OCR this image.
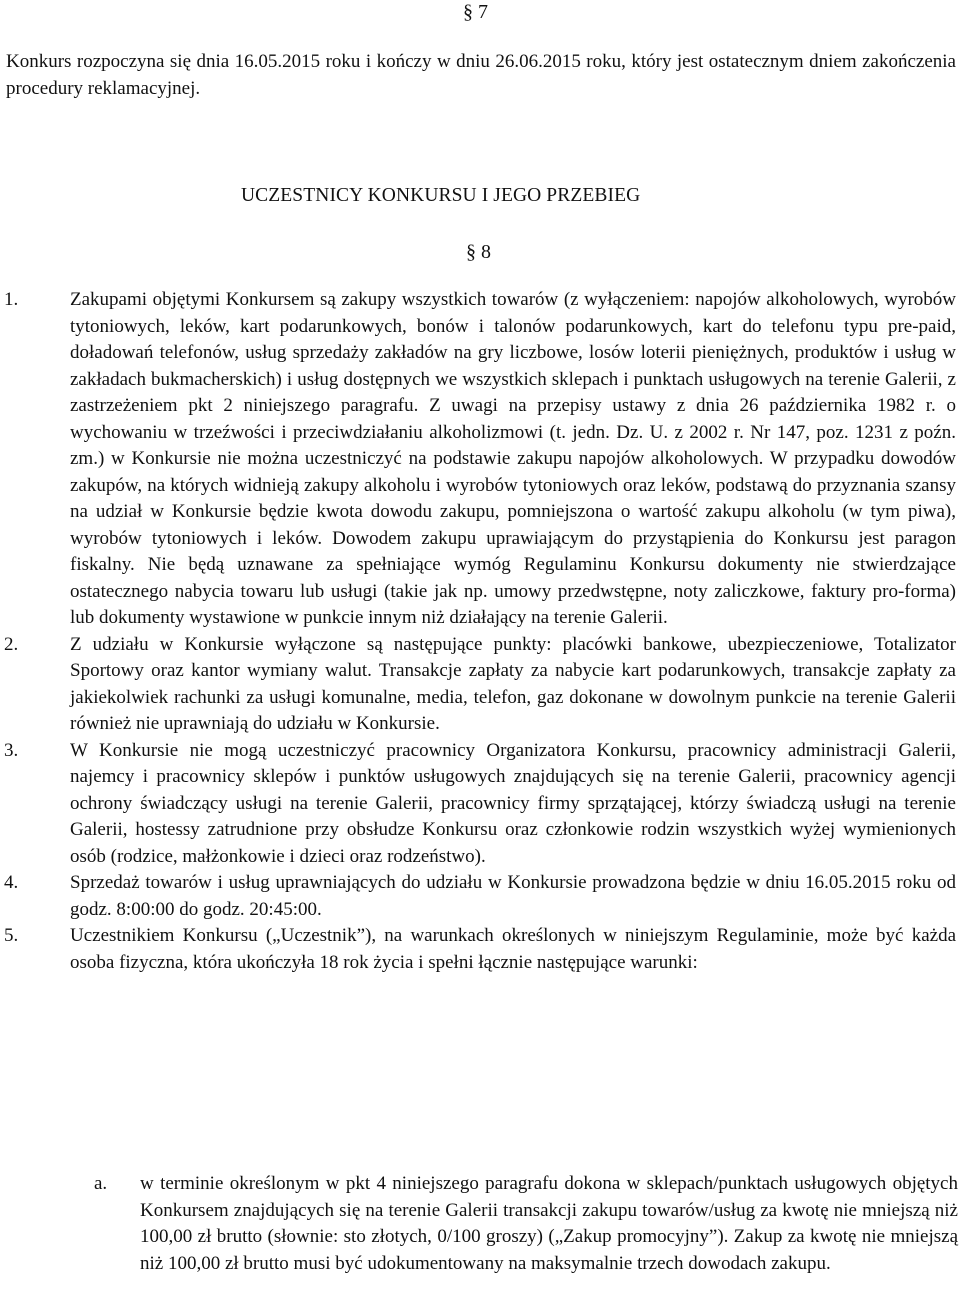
§ 7
Konkurs rozpoczyna się dnia 16.05.2015 roku i kończy w dniu 26.06.2015 roku, który jest ostatecznym dniem zakończenia procedury reklamacyjnej.
UCZESTNICY KONKURSU I JEGO PRZEBIEG
§ 8
1.	Zakupami objętymi Konkursem są zakupy wszystkich towarów (z wyłączeniem: napojów alkoholowych, wyrobów tytoniowych, leków, kart podarunkowych, bonów i talonów podarunkowych, kart do telefonu typu pre-paid, doładowań telefonów, usług sprzedaży zakładów na gry liczbowe, losów loterii pieniężnych, produktów i usług w zakładach bukmacherskich) i usług dostępnych we wszystkich sklepach i punktach usługowych na terenie Galerii, z zastrzeżeniem pkt 2 niniejszego paragrafu. Z uwagi na przepisy ustawy z dnia 26 października 1982 r. o wychowaniu w trzeźwości i przeciwdziałaniu alkoholizmowi (t. jedn. Dz. U. z 2002 r. Nr 147, poz. 1231 z poźn. zm.) w Konkursie nie można uczestniczyć na podstawie zakupu napojów alkoholowych. W przypadku dowodów zakupów, na których widnieją zakupy alkoholu i wyrobów tytoniowych oraz leków, podstawą do przyznania szansy na udział w Konkursie będzie kwota dowodu zakupu, pomniejszona o wartość zakupu alkoholu (w tym piwa), wyrobów tytoniowych i leków. Dowodem zakupu uprawiającym do przystąpienia do Konkursu jest paragon fiskalny. Nie będą uznawane za spełniające wymóg Regulaminu Konkursu dokumenty nie stwierdzające ostatecznego nabycia towaru lub usługi (takie jak np. umowy przedwstępne, noty zaliczkowe, faktury pro-forma) lub dokumenty wystawione w punkcie innym niż działający na terenie Galerii.
2.	Z udziału w Konkursie wyłączone są następujące punkty: placówki bankowe, ubezpieczeniowe, Totalizator Sportowy oraz kantor wymiany walut. Transakcje zapłaty za nabycie kart podarunkowych, transakcje zapłaty za jakiekolwiek rachunki za usługi komunalne, media, telefon, gaz dokonane w dowolnym punkcie na terenie Galerii również nie uprawniają do udziału w Konkursie.
3.	W Konkursie nie mogą uczestniczyć pracownicy Organizatora Konkursu, pracownicy administracji Galerii, najemcy i pracownicy sklepów i punktów usługowych znajdujących się na terenie Galerii, pracownicy agencji ochrony świadczący usługi na terenie Galerii, pracownicy firmy sprzątającej, którzy świadczą usługi na terenie Galerii, hostessy zatrudnione przy obsłudze Konkursu oraz członkowie rodzin wszystkich wyżej wymienionych osób (rodzice, małżonkowie i dzieci oraz rodzeństwo).
4.	Sprzedaż towarów i usług uprawniających do udziału w Konkursie prowadzona będzie w dniu 16.05.2015 roku od godz. 8:00:00 do godz. 20:45:00.
5.	Uczestnikiem Konkursu („Uczestnik”), na warunkach określonych w niniejszym Regulaminie, może być każda osoba fizyczna, która ukończyła 18 rok życia i spełni łącznie następujące warunki:
a. w terminie określonym w pkt 4 niniejszego paragrafu dokona w sklepach/punktach usługowych objętych Konkursem znajdujących się na terenie Galerii transakcji zakupu towarów/usług za kwotę nie mniejszą niż 100,00 zł brutto (słownie: sto złotych, 0/100 groszy) („Zakup promocyjny”). Zakup za kwotę nie mniejszą niż 100,00 zł brutto musi być udokumentowany na maksymalnie trzech dowodach zakupu.
